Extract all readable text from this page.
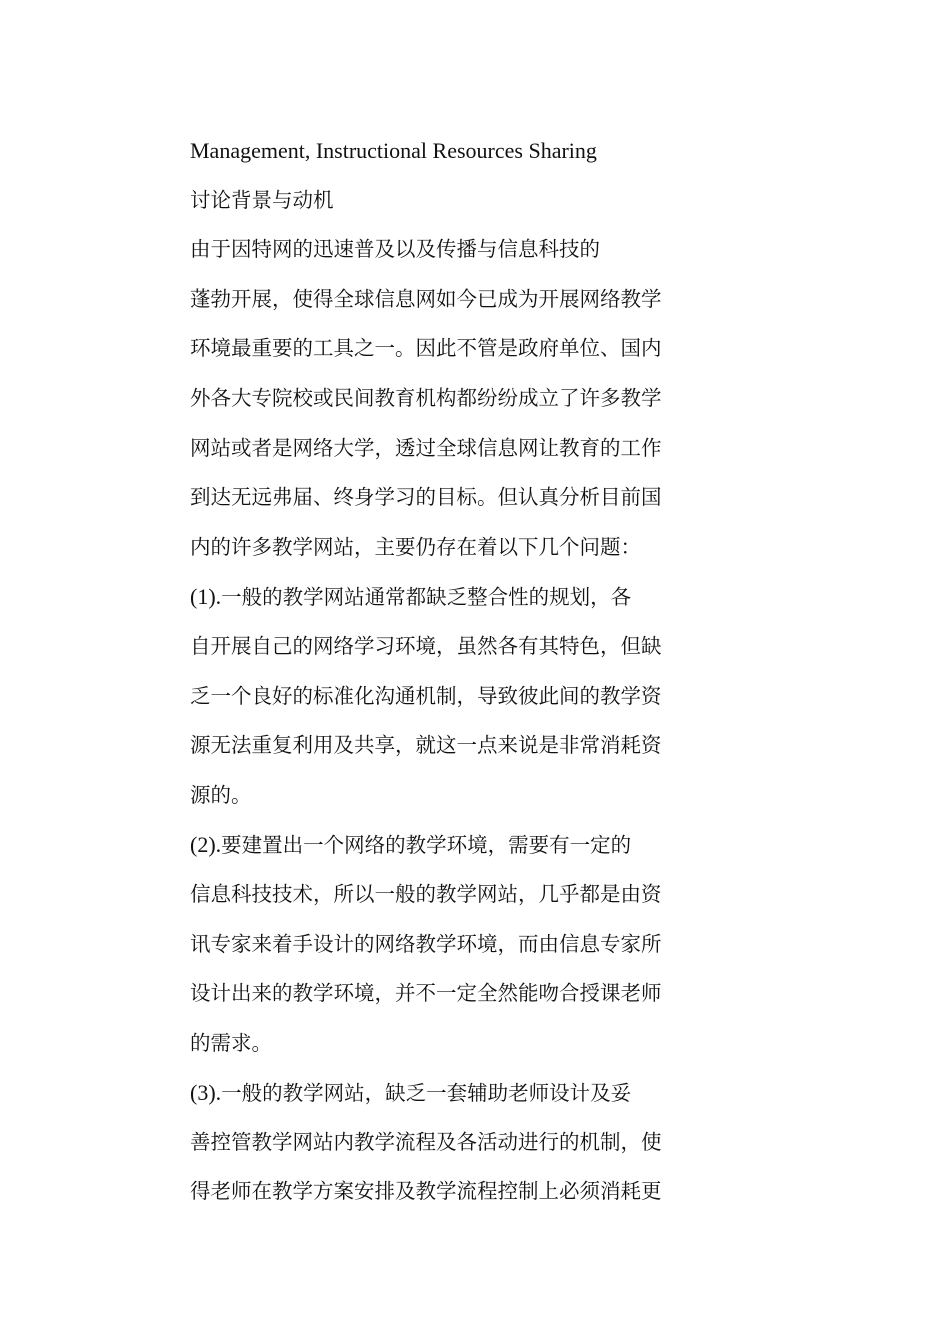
Management, Instructional Resources Sharing
讨论背景与动机
由于因特网的迅速普及以及传播与信息科技的
蓬勃开展，使得全球信息网如今已成为开展网络教学
环境最重要的工具之一。因此不管是政府单位、国内
外各大专院校或民间教育机构都纷纷成立了许多教学
网站或者是网络大学，透过全球信息网让教育的工作
到达无远弗届、终身学习的目标。但认真分析目前国
内的许多教学网站，主要仍存在着以下几个问题：
(1).一般的教学网站通常都缺乏整合性的规划，各
自开展自己的网络学习环境，虽然各有其特色，但缺
乏一个良好的标准化沟通机制，导致彼此间的教学资
源无法重复利用及共享，就这一点来说是非常消耗资
源的。
(2).要建置出一个网络的教学环境，需要有一定的
信息科技技术，所以一般的教学网站，几乎都是由资
讯专家来着手设计的网络教学环境，而由信息专家所
设计出来的教学环境，并不一定全然能吻合授课老师
的需求。
(3).一般的教学网站，缺乏一套辅助老师设计及妥
善控管教学网站内教学流程及各活动进行的机制，使
得老师在教学方案安排及教学流程控制上必须消耗更
